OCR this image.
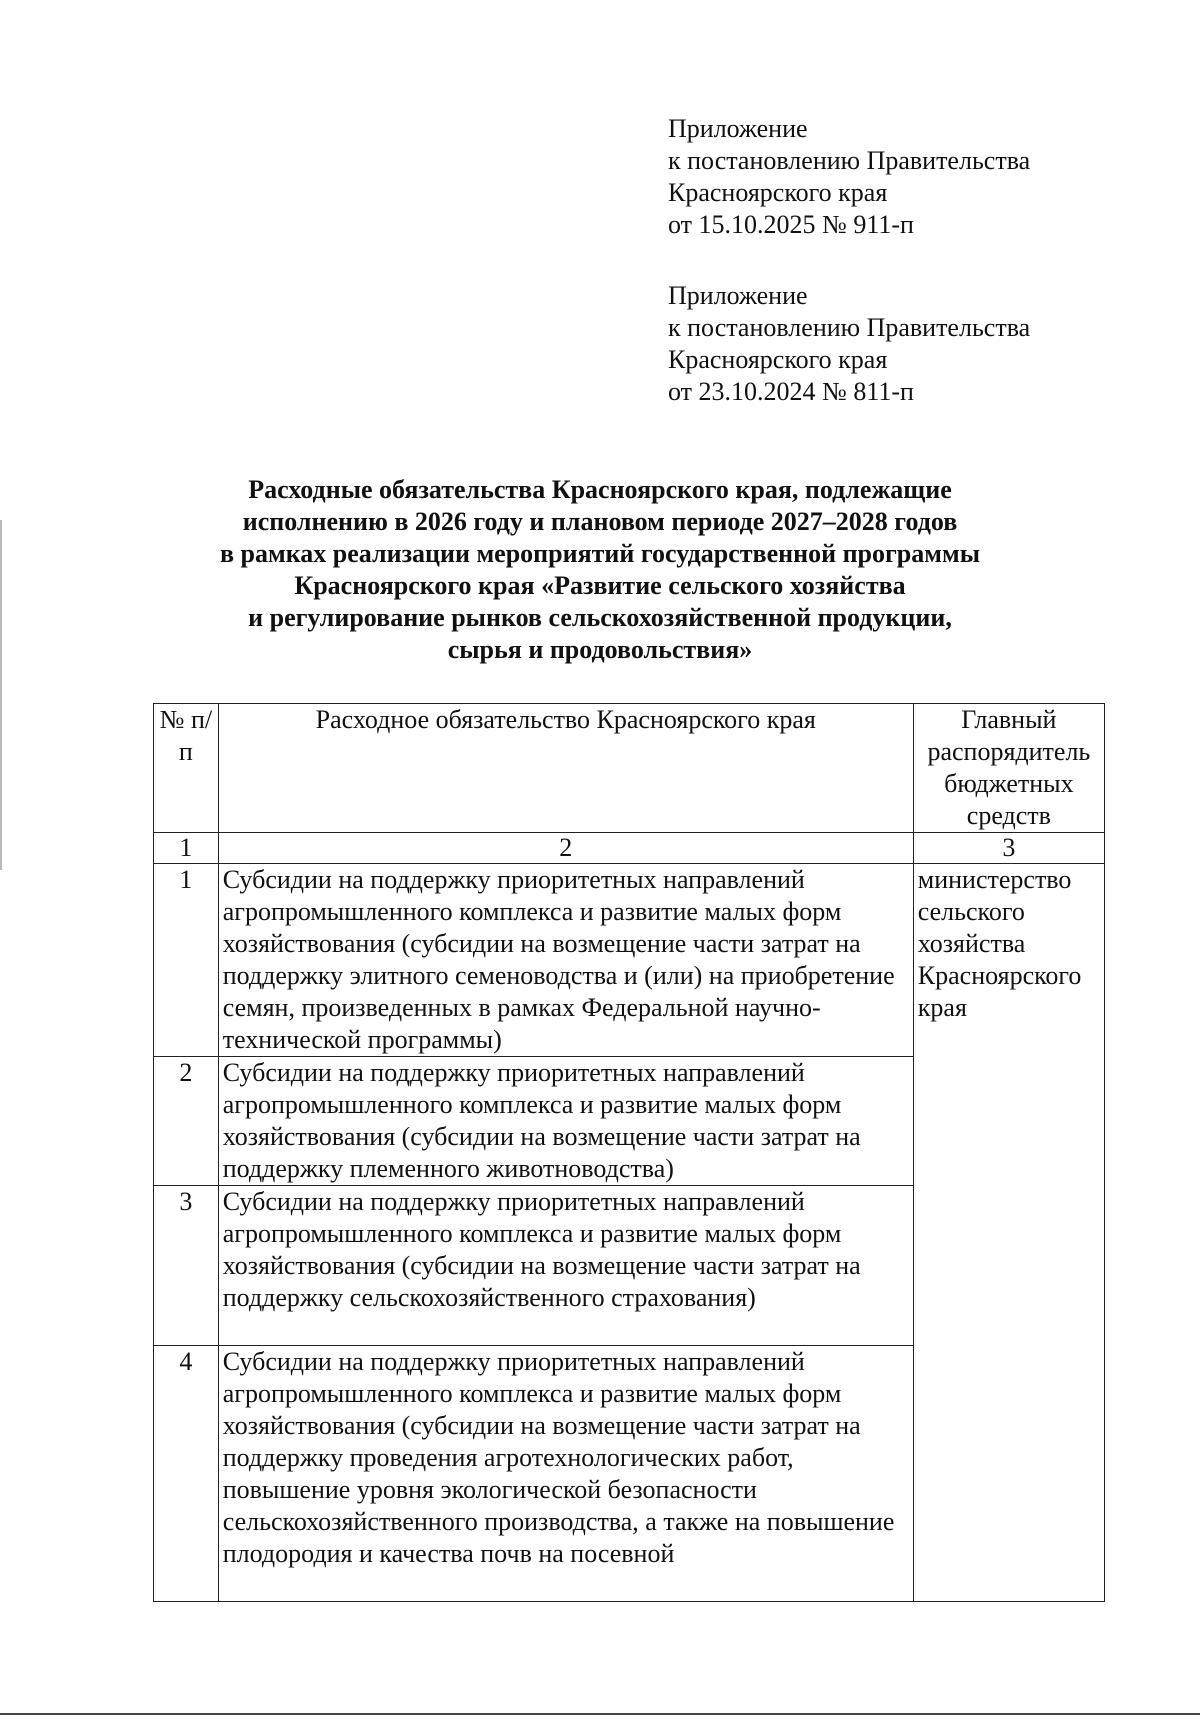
Приложение
к постановлению Правительства
Красноярского края
от 15.10.2025 № 911-п
Приложение
к постановлению Правительства
Красноярского края
от 23.10.2024 № 811-п
Расходные обязательства Красноярского края, подлежащие
исполнению в 2026 году и плановом периоде 2027–2028 годов
в рамках реализации мероприятий государственной программы
Красноярского края «Развитие сельского хозяйства
и регулирование рынков сельскохозяйственной продукции,
сырья и продовольствия»
№ п/п	Расходное обязательство Красноярского края	Главный распорядитель бюджетных средств
1	2	3
1	Субсидии на поддержку приоритетных направлений агропромышленного комплекса и развитие малых форм хозяйствования (субсидии на возмещение части затрат на поддержку элитного семеноводства и (или) на приобретение семян, произведенных в рамках Федеральной научно-технической программы)	министерство сельского хозяйства Красноярского края
2	Субсидии на поддержку приоритетных направлений агропромышленного комплекса и развитие малых форм хозяйствования (субсидии на возмещение части затрат на поддержку племенного животноводства)	
3	Субсидии на поддержку приоритетных направлений агропромышленного комплекса и развитие малых форм хозяйствования (субсидии на возмещение части затрат на поддержку сельскохозяйственного страхования)	
4	Субсидии на поддержку приоритетных направлений агропромышленного комплекса и развитие малых форм хозяйствования (субсидии на возмещение части затрат на поддержку проведения агротехнологических работ, повышение уровня экологической безопасности сельскохозяйственного производства, а также на повышение плодородия и качества почв на посевной	
